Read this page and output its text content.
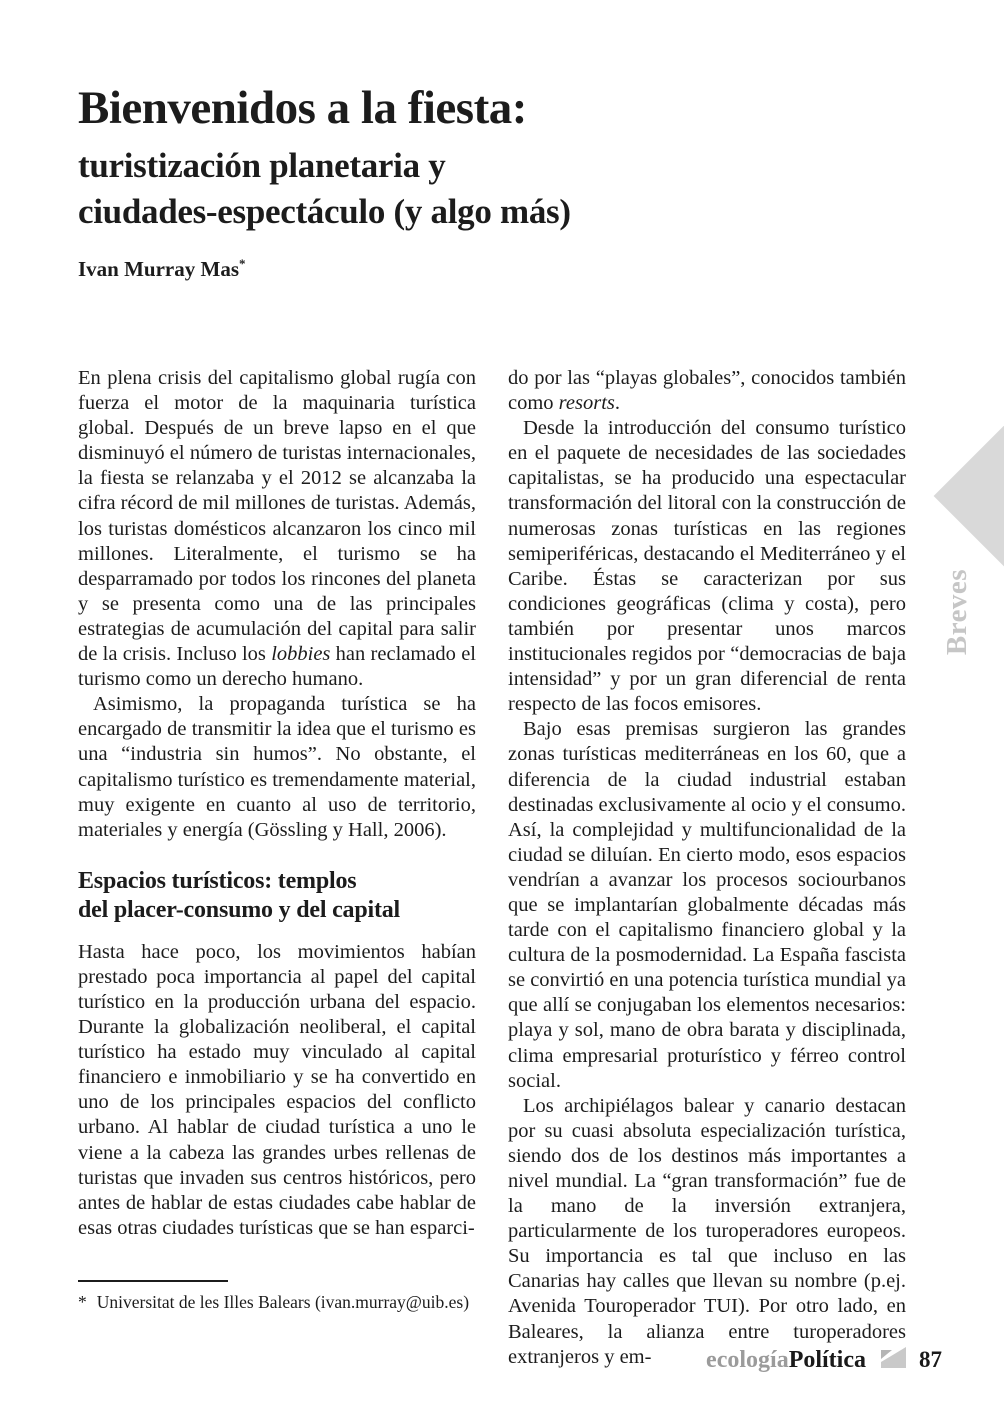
Bienvenidos a la fiesta:
turistización planetaria y
ciudades-espectáculo (y algo más)
Ivan Murray Mas*

En plena crisis del capitalismo global rugía con fuerza el motor de la maquinaria turística global. Después de un breve lapso en el que disminuyó el número de turistas internacionales, la fiesta se relanzaba y el 2012 se alcanzaba la cifra récord de mil millones de turistas. Además, los turistas domésticos alcanzaron los cinco mil millones. Literalmente, el turismo se ha desparramado por todos los rincones del planeta y se presenta como una de las principales estrategias de acumulación del capital para salir de la crisis. Incluso los lobbies han reclamado el turismo como un derecho humano.

Asimismo, la propaganda turística se ha encargado de transmitir la idea que el turismo es una “industria sin humos”. No obstante, el capitalismo turístico es tremendamente material, muy exigente en cuanto al uso de territorio, materiales y energía (Gössling y Hall, 2006).

Espacios turísticos: templos
del placer-consumo y del capital

Hasta hace poco, los movimientos habían prestado poca importancia al papel del capital turístico en la producción urbana del espacio. Durante la globalización neoliberal, el capital turístico ha estado muy vinculado al capital financiero e inmobiliario y se ha convertido en uno de los principales espacios del conflicto urbano. Al hablar de ciudad turística a uno le viene a la cabeza las grandes urbes rellenas de turistas que invaden sus centros históricos, pero antes de hablar de estas ciudades cabe hablar de esas otras ciudades turísticas que se han esparci-

do por las “playas globales”, conocidos también como resorts.

Desde la introducción del consumo turístico en el paquete de necesidades de las sociedades capitalistas, se ha producido una espectacular transformación del litoral con la construcción de numerosas zonas turísticas en las regiones semiperiféricas, destacando el Mediterráneo y el Caribe. Éstas se caracterizan por sus condiciones geográficas (clima y costa), pero también por presentar unos marcos institucionales regidos por “democracias de baja intensidad” y por un gran diferencial de renta respecto de las focos emisores.

Bajo esas premisas surgieron las grandes zonas turísticas mediterráneas en los 60, que a diferencia de la ciudad industrial estaban destinadas exclusivamente al ocio y el consumo. Así, la complejidad y multifuncionalidad de la ciudad se diluían. En cierto modo, esos espacios vendrían a avanzar los procesos sociourbanos que se implantarían globalmente décadas más tarde con el capitalismo financiero global y la cultura de la posmodernidad. La España fascista se convirtió en una potencia turística mundial ya que allí se conjugaban los elementos necesarios: playa y sol, mano de obra barata y disciplinada, clima empresarial proturístico y férreo control social.

Los archipiélagos balear y canario destacan por su cuasi absoluta especialización turística, siendo dos de los destinos más importantes a nivel mundial. La “gran transformación” fue de la mano de la inversión extranjera, particularmente de los turoperadores europeos. Su importancia es tal que incluso en las Canarias hay calles que llevan su nombre (p.ej. Avenida Touroperador TUI). Por otro lado, en Baleares, la alianza entre turoperadores extranjeros y em-

* Universitat de les Illes Balears (ivan.murray@uib.es)
Breves
ecología Política 87
